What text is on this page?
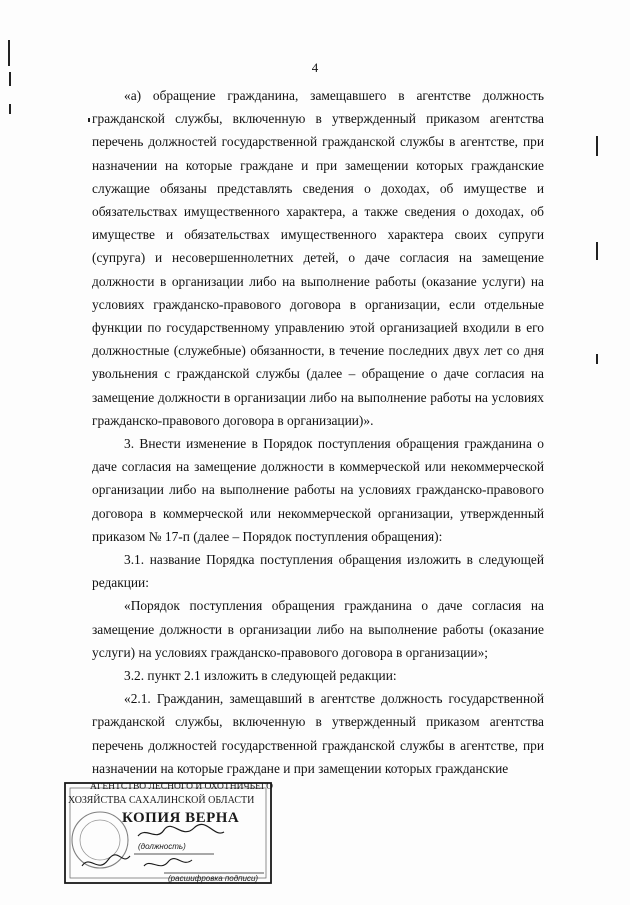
4

«а) обращение гражданина, замещавшего в агентстве должность гражданской службы, включенную в утвержденный приказом агентства перечень должностей государственной гражданской службы в агентстве, при назначении на которые граждане и при замещении которых гражданские служащие обязаны представлять сведения о доходах, об имуществе и обязательствах имущественного характера, а также сведения о доходах, об имуществе и обязательствах имущественного характера своих супруги (супруга) и несовершеннолетних детей, о даче согласия на замещение должности в организации либо на выполнение работы (оказание услуги) на условиях гражданско-правового договора в организации, если отдельные функции по государственному управлению этой организацией входили в его должностные (служебные) обязанности, в течение последних двух лет со дня увольнения с гражданской службы (далее – обращение о даче согласия на замещение должности в организации либо на выполнение работы на условиях гражданско-правового договора в организации)».

3. Внести изменение в Порядок поступления обращения гражданина о даче согласия на замещение должности в коммерческой или некоммерческой организации либо на выполнение работы на условиях гражданско-правового договора в коммерческой или некоммерческой организации, утвержденный приказом № 17-п (далее – Порядок поступления обращения):

3.1. название Порядка поступления обращения изложить в следующей редакции:

«Порядок поступления обращения гражданина о даче согласия на замещение должности в организации либо на выполнение работы (оказание услуги) на условиях гражданско-правового договора в организации»;

3.2. пункт 2.1 изложить в следующей редакции:

«2.1. Гражданин, замещавший в агентстве должность государственной гражданской службы, включенную в утвержденный приказом агентства перечень должностей государственной гражданской службы в агентстве, при назначении на которые граждане и при замещении которых гражданские

АГЕНТСТВО ЛЕСНОГО И ОХОТНИЧЬЕГО
ХОЗЯЙСТВА САХАЛИНСКОЙ ОБЛАСТИ
КОПИЯ ВЕРНА
(должность)
(расшифровка подписи)
